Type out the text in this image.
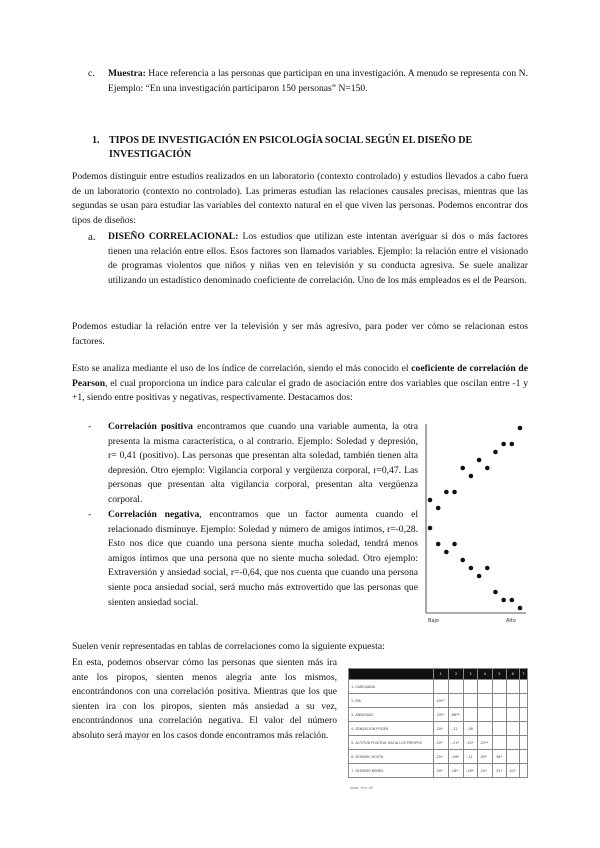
c. Muestra: Hace referencia a las personas que participan en una investigación. A menudo se representa con N. Ejemplo: “En una investigación participaron 150 personas” N=150.

1. TIPOS DE INVESTIGACIÓN EN PSICOLOGÍA SOCIAL SEGÚN EL DISEÑO DE INVESTIGACIÓN

Podemos distinguir entre estudios realizados en un laboratorio (contexto controlado) y estudios llevados a cabo fuera de un laboratorio (contexto no controlado). Las primeras estudian las relaciones causales precisas, mientras que las segundas se usan para estudiar las variables del contexto natural en el que viven las personas. Podemos encontrar dos tipos de diseños:

a. DISEÑO CORRELACIONAL: Los estudios que utilizan este intentan averiguar si dos o más factores tienen una relación entre ellos. Esos factores son llamados variables. Ejemplo: la relación entre el visionado de programas violentos que niños y niñas ven en televisión y su conducta agresiva. Se suele analizar utilizando un estadístico denominado coeficiente de correlación. Uno de los más empleados es el de Pearson.

Podemos estudiar la relación entre ver la televisión y ser más agresivo, para poder ver cómo se relacionan estos factores.

Esto se analiza mediante el uso de los índice de correlación, siendo el más conocido el coeficiente de correlación de Pearson, el cual proporciona un índice para calcular el grado de asociación entre dos variables que oscilan entre -1 y +1, siendo entre positivas y negativas, respectivamente. Destacamos dos:

- Correlación positiva encontramos que cuando una variable aumenta, la otra presenta la misma característica, o al contrario. Ejemplo: Soledad y depresión, r= 0,41 (positivo). Las personas que presentan alta soledad, también tienen alta depresión. Otro ejemplo: Vigilancia corporal y vergüenza corporal, r=0,47. Las personas que presentan alta vigilancia corporal, presentan alta vergüenza corporal.

- Correlación negativa, encontramos que un factor aumenta cuando el relacionado disminuye. Ejemplo: Soledad y número de amigos íntimos, r=-0,28. Esto nos dice que cuando una persona siente mucha soledad, tendrá menos amigos íntimos que una persona que no siente mucha soledad. Otro ejemplo: Extraversión y ansiedad social, r=-0,64, que nos cuenta que cuando una persona siente poca ansiedad social, será mucho más extrovertido que las personas que sienten ansiedad social.

Bajo	Alto

Suelen venir representadas en tablas de correlaciones como la siguiente expuesta:

En esta, podemos observar cómo las personas que sienten más ira ante los piropos, sienten menos alegría ante los mismos, encontrándonos con una correlación positiva. Mientras que los que sienten ira con los piropos, sienten más ansiedad a su vez, encontrándonos una correlación negativa. El valor del número absoluto será mayor en los casos donde encontramos más relación.

	1	2	3	4	5	6	7
1. CARCAJADA							
2. IRA	.43**						
3. ANSIEDAD	.33**	.66**					
4. SENSACIÓN PODER	.20*	-.12	-.08				
5. ACTITUD POSITIVA HACIA LOS PIROPOS	.20*	-.21*	.10*	.25**			
6. SEXISMO HOSTIL	.25*	-.06*	-.11	.05*	.36*		
7. SEXISMO BENÉV.	.30*	.18*	.28*	.25*	.32*	.52*	
Nota: *p<.05
